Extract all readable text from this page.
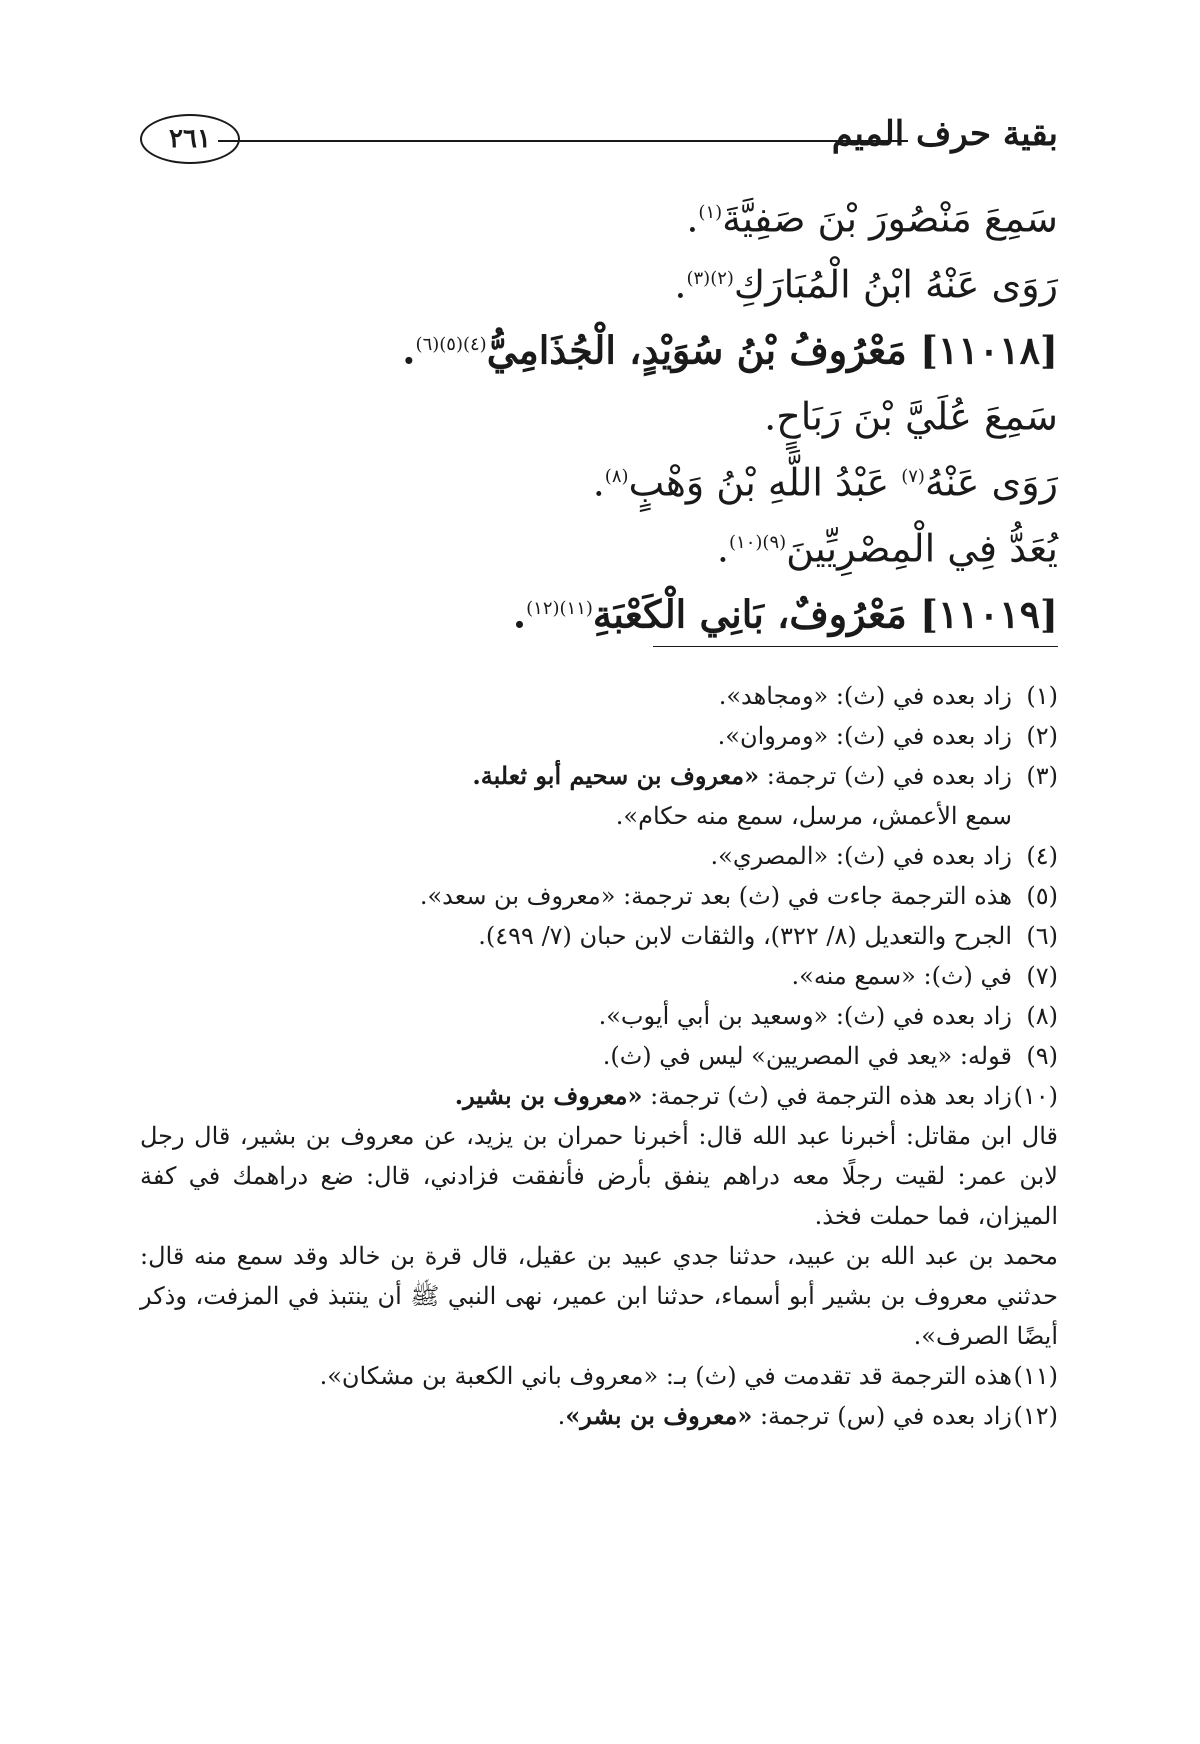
بقية حرف الميم
٢٦١
سَمِعَ مَنْصُورَ بْنَ صَفِيَّةَ$^{(١)}$.
رَوَى عَنْهُ ابْنُ الْمُبَارَكِ$^{(٢)(٣)}$.
[١١٠١٨] مَعْرُوفُ بْنُ سُوَيْدٍ، الْجُذَامِيُّ$^{(٤)(٥)(٦)}$.
سَمِعَ عُلَيَّ بْنَ رَبَاحٍ.
رَوَى عَنْهُ$^{(٧)}$ عَبْدُ اللَّهِ بْنُ وَهْبٍ$^{(٨)}$.
يُعَدُّ فِي الْمِصْرِيِّينَ$^{(٩)(١٠)}$.
[١١٠١٩] مَعْرُوفٌ، بَانِي الْكَعْبَةِ$^{(١١)(١٢)}$.
(١)
زاد بعده في (ث): «ومجاهد».
(٢)
زاد بعده في (ث): «ومروان».
(٣)
زاد بعده في (ث) ترجمة: «معروف بن سحيم أبو ثعلبة.
سمع الأعمش، مرسل، سمع منه حكام».
(٤)
زاد بعده في (ث): «المصري».
(٥)
هذه الترجمة جاءت في (ث) بعد ترجمة: «معروف بن سعد».
(٦)
الجرح والتعديل (٨/ ٣٢٢)، والثقات لابن حبان (٧/ ٤٩٩).
(٧)
في (ث): «سمع منه».
(٨)
زاد بعده في (ث): «وسعيد بن أبي أيوب».
(٩)
قوله: «يعد في المصريين» ليس في (ث).
(١٠)
زاد بعد هذه الترجمة في (ث) ترجمة: «معروف بن بشير.
قال ابن مقاتل: أخبرنا عبد الله قال: أخبرنا حمران بن يزيد، عن معروف بن بشير، قال رجل لابن عمر: لقيت رجلًا معه دراهم ينفق بأرض فأنفقت فزادني، قال: ضع دراهمك في كفة الميزان، فما حملت فخذ.
محمد بن عبد الله بن عبيد، حدثنا جدي عبيد بن عقيل، قال قرة بن خالد وقد سمع منه قال: حدثني معروف بن بشير أبو أسماء، حدثنا ابن عمير، نهى النبي ﷺ أن ينتبذ في المزفت، وذكر أيضًا الصرف».
(١١)
هذه الترجمة قد تقدمت في (ث) بـ: «معروف باني الكعبة بن مشكان».
(١٢)
زاد بعده في (س) ترجمة: «معروف بن بشر».
